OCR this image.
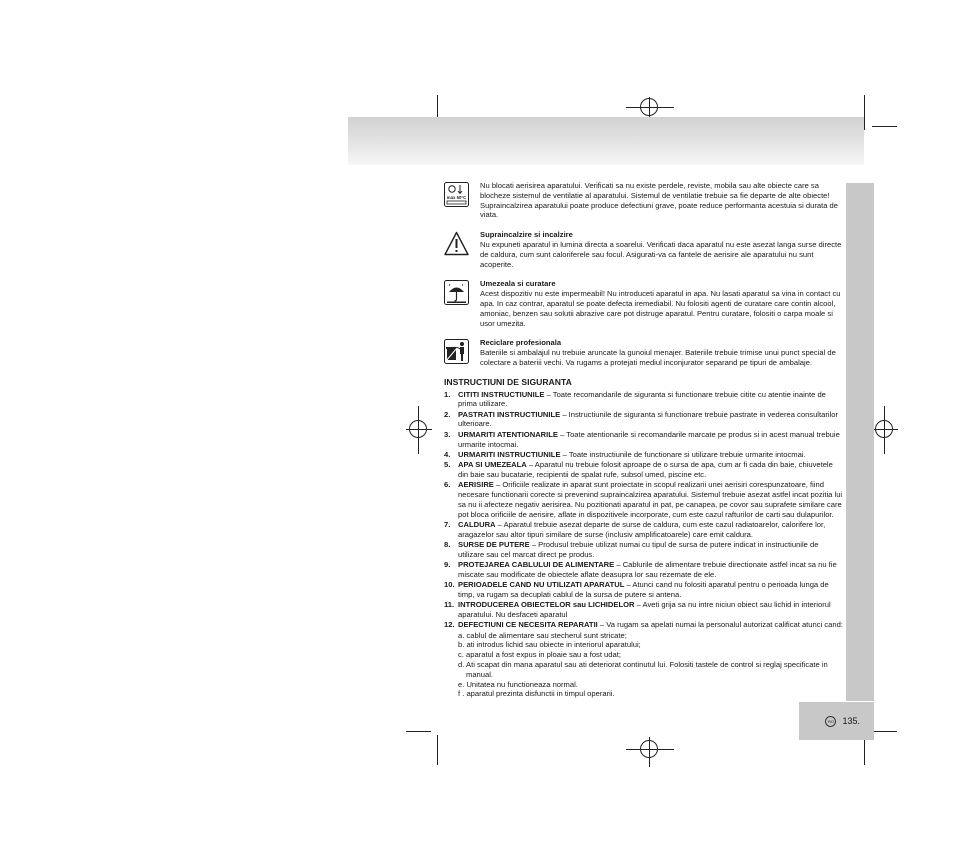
RO 135.
max 50°C
Nu blocati aerisirea aparatului. Verificati sa nu existe perdele, reviste, mobila sau alte obiecte care sa blocheze sistemul de ventilatie al aparatului. Sistemul de ventilatie trebuie sa fie departe de alte obiecte! Supraincalzirea aparatului poate produce defectiuni grave, poate reduce performanta acestuia si durata de viata.
Supraincalzire si incalzire
Nu expuneti aparatul in lumina directa a soarelui. Verificati daca aparatul nu este asezat langa surse directe de caldura, cum sunt caloriferele sau focul. Asigurati-va ca fantele de aerisire ale aparatului nu sunt acoperite.
Umezeala si curatare
Acest dispozitiv nu este impermeabil! Nu introduceti aparatul in apa. Nu lasati aparatul sa vina in contact cu apa. In caz contrar, aparatul se poate defecta iremediabil. Nu folositi agenti de curatare care contin alcool, amoniac, benzen sau solutii abrazive care pot distruge aparatul. Pentru curatare, folositi o carpa moale si usor umezita.
Reciclare profesionala
Bateriile si ambalajul nu trebuie aruncate la gunoiul menajer. Bateriile trebuie trimise unui punct special de colectare a bateriii vechi. Va rugams a protejati mediul inconjurator separand pe tipuri de ambalaje.
INSTRUCTIUNI DE SIGURANTA
1. CITITI INSTRUCTIUNILE – Toate recomandarile de siguranta si functionare trebuie citite cu atentie inainte de prima utilizare.
2. PASTRATI INSTRUCTIUNILE – Instructiunile de siguranta si functionare trebuie pastrate in vederea consultarilor ulterioare.
3. URMARITI ATENTIONARILE – Toate atentionarile si recomandarile marcate pe produs si in acest manual trebuie urmarite intocmai.
4. URMARITI INSTRUCTIUNILE – Toate instructiunile de functionare si utilizare trebuie urmarite intocmai.
5. APA SI UMEZEALA – Aparatul nu trebuie folosit aproape de o sursa de apa, cum ar fi cada din baie, chiuvetele din baie sau bucatarie, recipientii de spalat rufe, subsol umed, piscine etc.
6. AERISIRE – Orificiile realizate in aparat sunt proiectate in scopul realizarii unei aerisiri corespunzatoare, fiind necesare functionarii corecte si prevenind supraincalzirea aparatului. Sistemul trebuie asezat astfel incat pozitia lui sa nu ii afecteze negativ aerisirea. Nu pozitionati aparatul in pat, pe canapea, pe covor sau suprafete similare care pot bloca orificiile de aerisire, aflate in dispozitivele incorporate, cum este cazul rafturilor de carti sau dulapurilor.
7. CALDURA – Aparatul trebuie asezat departe de surse de caldura, cum este cazul radiatoarelor, calorifere lor, aragazelor sau altor tipuri similare de surse (inclusiv amplificatoarele) care emit caldura.
8. SURSE DE PUTERE – Produsul trebuie utilizat numai cu tipul de sursa de putere indicat in instructiunile de utilizare sau cel marcat direct pe produs.
9. PROTEJAREA CABLULUI DE ALIMENTARE – Cablurile de alimentare trebuie directionate astfel incat sa nu fie miscate sau modificate de obiectele aflate deasupra lor sau rezemate de ele.
10. PERIOADELE CAND NU UTILIZATI APARATUL – Atunci cand nu folositi aparatul pentru o perioada lunga de timp, va rugam sa decuplati cablul de la sursa de putere si antena.
11. INTRODUCEREA OBIECTELOR sau LICHIDELOR – Aveti grija sa nu intre niciun obiect sau lichid in interiorul aparatului. Nu desfaceti aparatul
12. DEFECTIUNI CE NECESITA REPARATII – Va rugam sa apelati numai la personalul autorizat calificat atunci cand:
a. cablul de alimentare sau stecherul sunt stricate;
b. ati introdus lichid sau obiecte in interiorul aparatului;
c. aparatul a fost expus in ploaie sau a fost udat;
d. Ati scapat din mana aparatul sau ati deteriorat continutul lui. Folositi tastele de control si reglaj specificate in manual.
e. Unitatea nu functioneaza normal.
f . aparatul prezinta disfunctii in timpul operarii.
